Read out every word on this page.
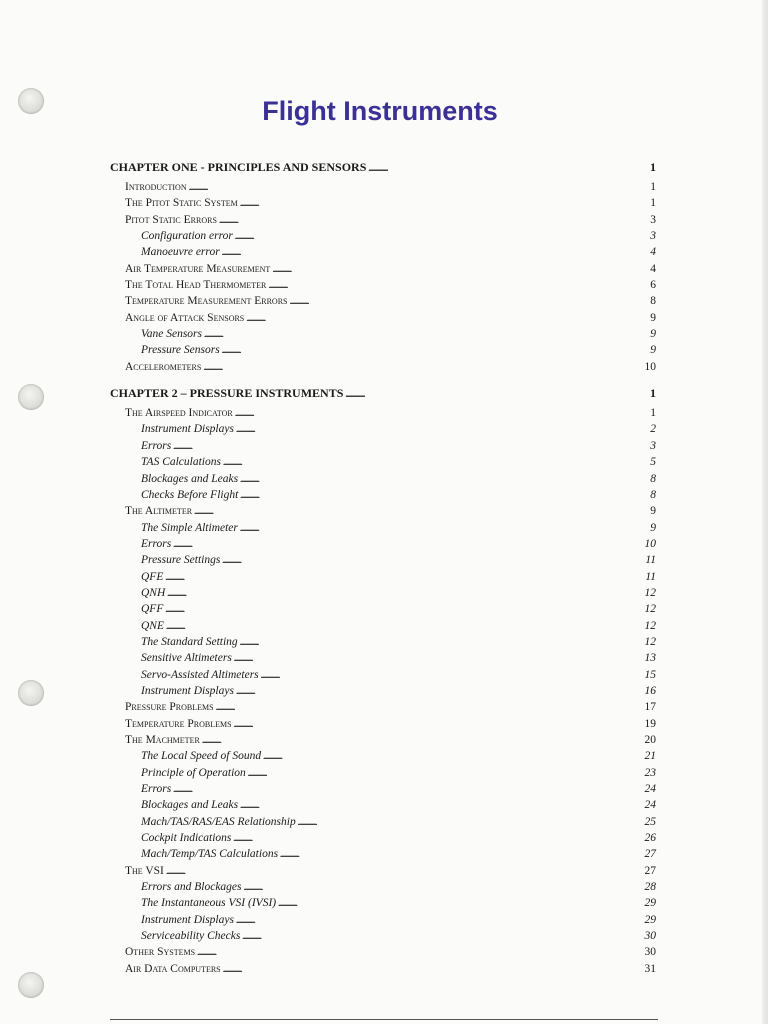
Flight Instruments
CHAPTER ONE - PRINCIPLES AND SENSORS . . .	1
Introduction . . .	1
The Pitot Static System . . .	1
Pitot Static Errors . . .	3
Configuration error . . .	3
Manoeuvre error . . .	4
Air Temperature Measurement . . .	4
The Total Head Thermometer . . .	6
Temperature Measurement Errors . . .	8
Angle of Attack Sensors . . .	9
Vane Sensors . . .	9
Pressure Sensors . . .	9
Accelerometers . . .	10
CHAPTER 2 – PRESSURE INSTRUMENTS . . .	1
The Airspeed Indicator . . .	1
Instrument Displays . . .	2
Errors . . .	3
TAS Calculations . . .	5
Blockages and Leaks . . .	8
Checks Before Flight . . .	8
The Altimeter . . .	9
The Simple Altimeter . . .	9
Errors . . .	10
Pressure Settings . . .	11
QFE . . .	11
QNH . . .	12
QFF . . .	12
QNE . . .	12
The Standard Setting . . .	12
Sensitive Altimeters . . .	13
Servo-Assisted Altimeters . . .	15
Instrument Displays . . .	16
Pressure Problems . . .	17
Temperature Problems . . .	19
The Machmeter . . .	20
The Local Speed of Sound . . .	21
Principle of Operation . . .	23
Errors . . .	24
Blockages and Leaks . . .	24
Mach/TAS/RAS/EAS Relationship . . .	25
Cockpit Indications . . .	26
Mach/Temp/TAS Calculations . . .	27
The VSI . . .	27
Errors and Blockages . . .	28
The Instantaneous VSI (IVSI) . . .	29
Instrument Displays . . .	29
Serviceability Checks . . .	30
Other Systems . . .	30
Air Data Computers . . .	31
